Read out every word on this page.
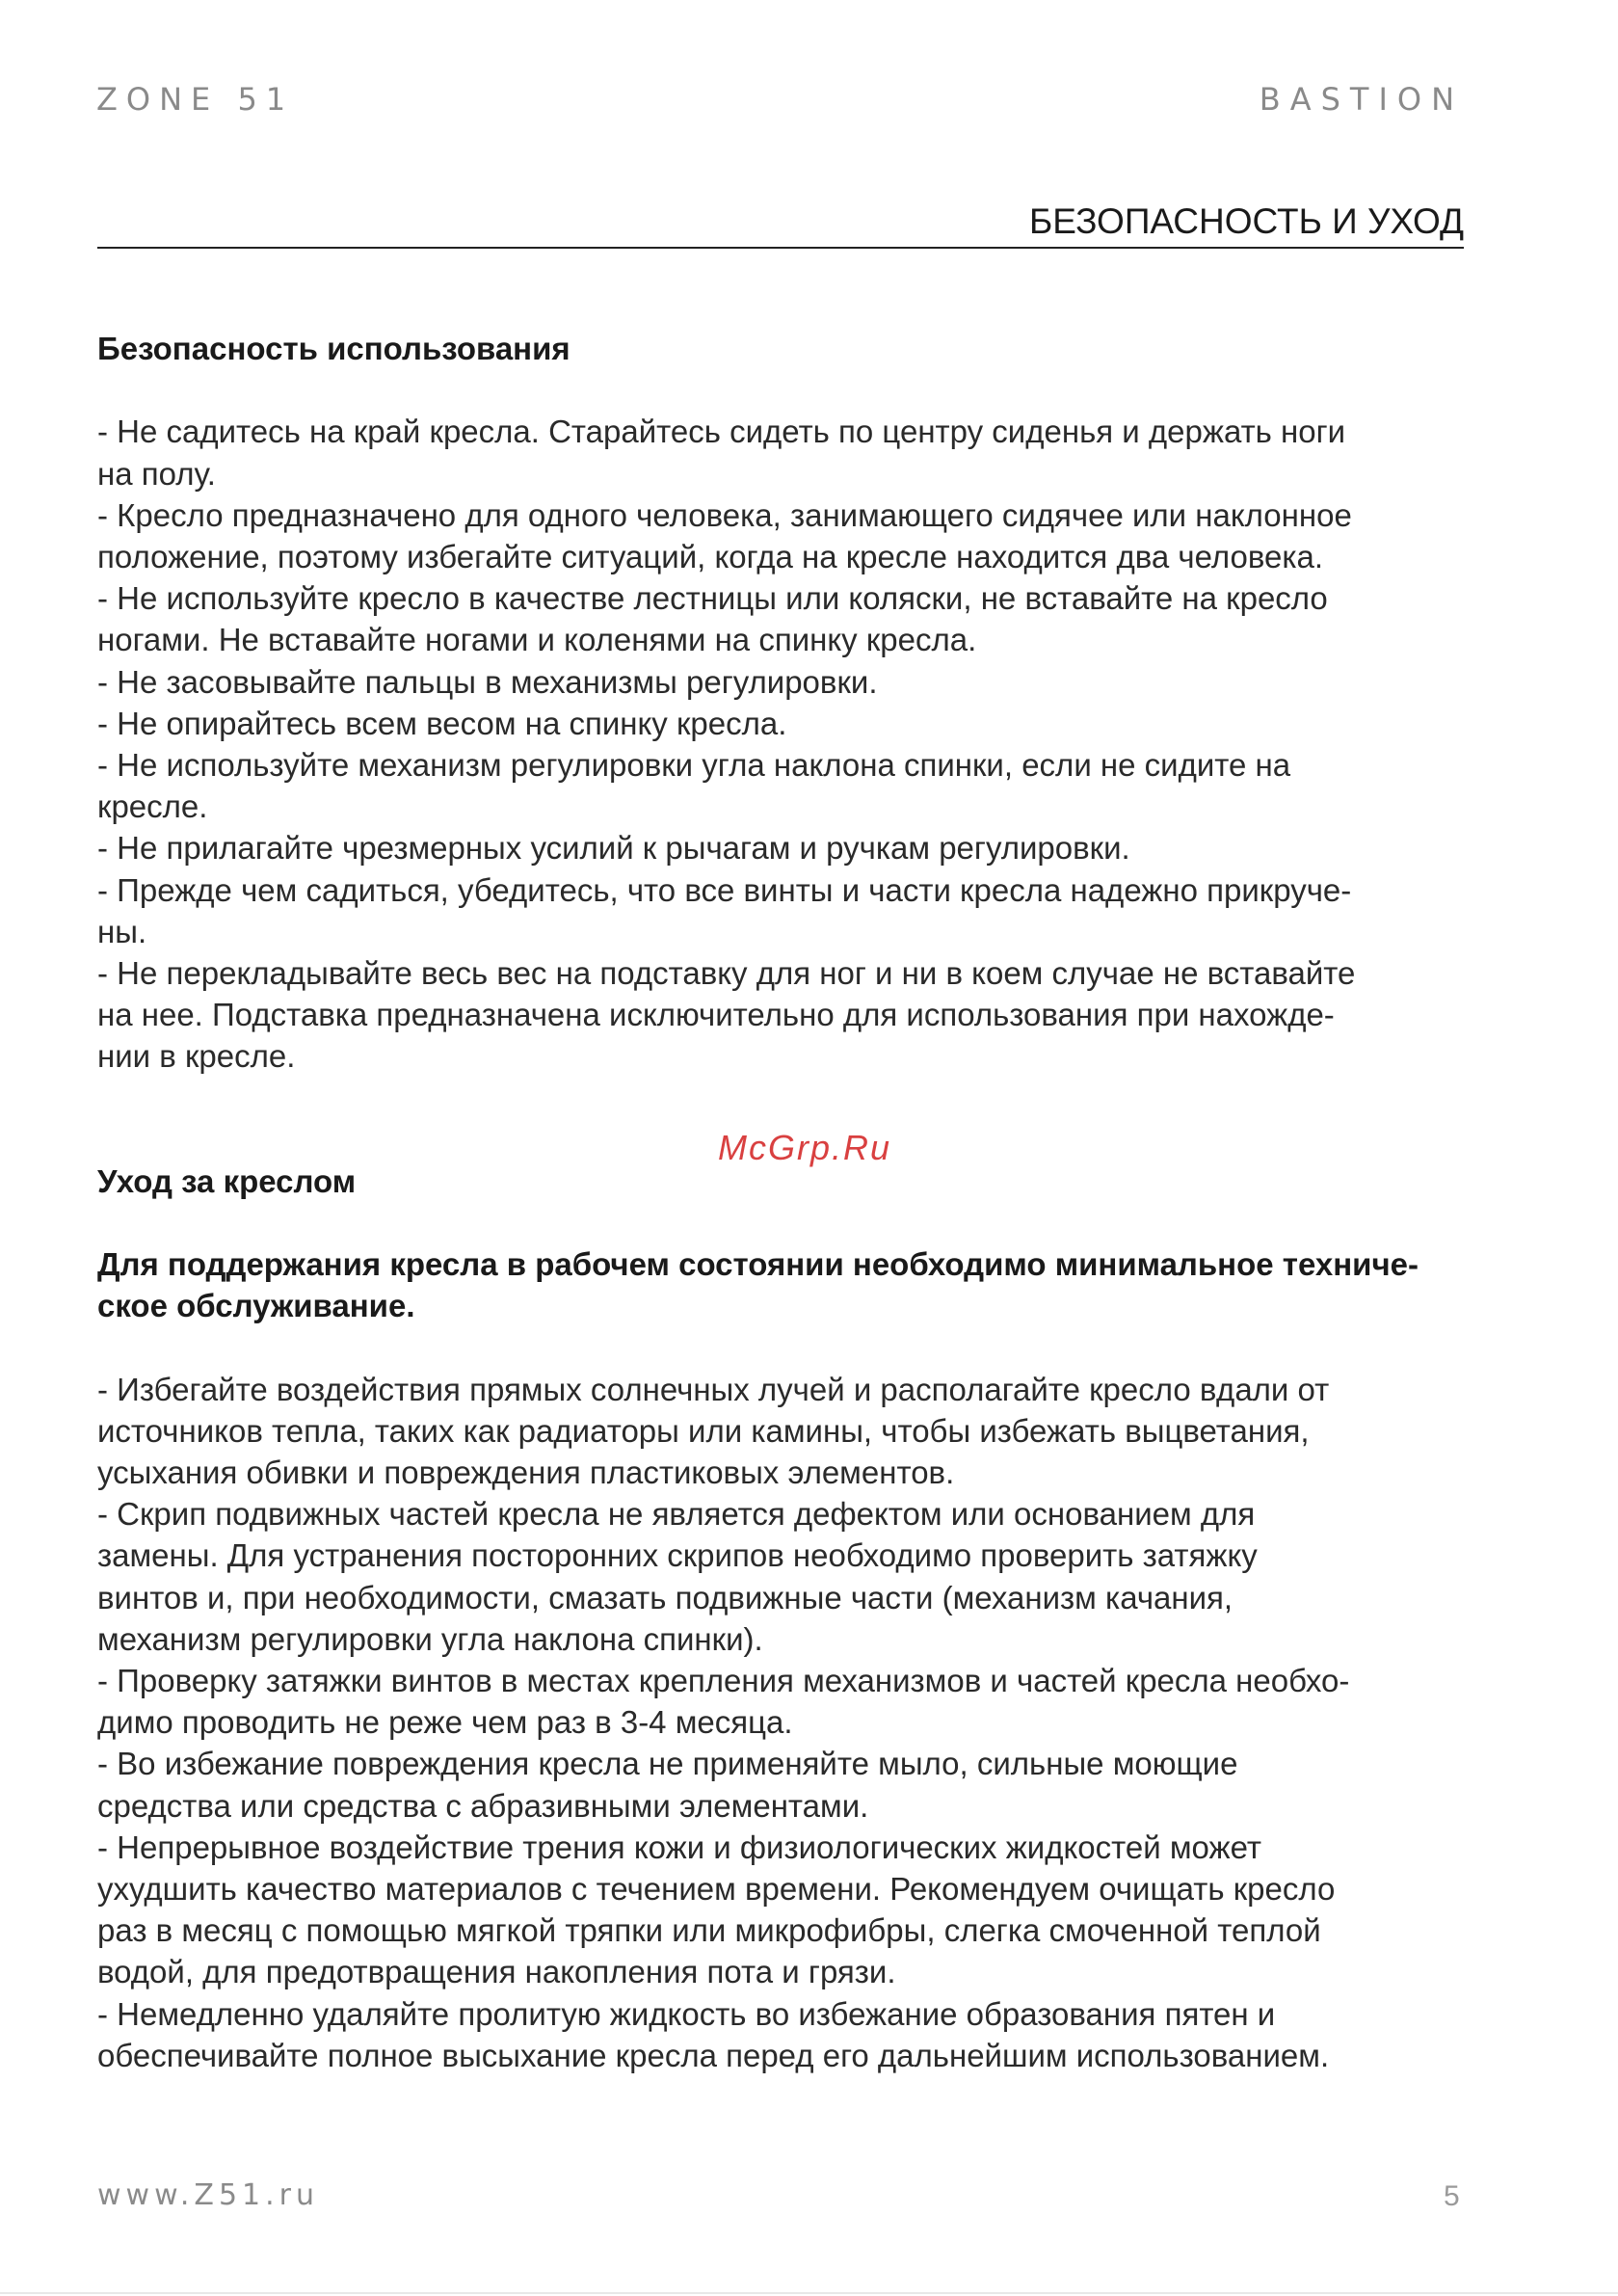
ZONE 51	BASTION
БЕЗОПАСНОСТЬ И УХОД

Безопасность использования

- Не садитесь на край кресла. Старайтесь сидеть по центру сиденья и держать ноги

на полу.

- Кресло предназначено для одного человека, занимающего сидячее или наклонное

положение, поэтому избегайте ситуаций, когда на кресле находится два человека.

- Не используйте кресло в качестве лестницы или коляски, не вставайте на кресло

ногами. Не вставайте ногами и коленями на спинку кресла.

- Не засовывайте пальцы в механизмы регулировки.

- Не опирайтесь всем весом на спинку кресла.

- Не используйте механизм регулировки угла наклона спинки, если не сидите на

кресле.

- Не прилагайте чрезмерных усилий к рычагам и ручкам регулировки.

- Прежде чем садиться, убедитесь, что все винты и части кресла надежно прикруче-

ны.

- Не перекладывайте весь вес на подставку для ног и ни в коем случае не вставайте

на нее. Подставка предназначена исключительно для использования при нахожде-

нии в кресле.

Уход за креслом

Для поддержания кресла в рабочем состоянии необходимо минимальное техниче-

ское обслуживание.

- Избегайте воздействия прямых солнечных лучей и располагайте кресло вдали от

источников тепла, таких как радиаторы или камины, чтобы избежать выцветания,

усыхания обивки и повреждения пластиковых элементов.

- Скрип подвижных частей кресла не является дефектом или основанием для

замены. Для устранения посторонних скрипов необходимо проверить затяжку

винтов и, при необходимости, смазать подвижные части (механизм качания,

механизм регулировки угла наклона спинки).

- Проверку затяжки винтов в местах крепления механизмов и частей кресла необхо-

димо проводить не реже чем раз в 3-4 месяца.

- Во избежание повреждения кресла не применяйте мыло, сильные моющие

средства или средства с абразивными элементами.

- Непрерывное воздействие трения кожи и физиологических жидкостей может

ухудшить качество материалов с течением времени. Рекомендуем очищать кресло

раз в месяц с помощью мягкой тряпки или микрофибры, слегка смоченной теплой

водой, для предотвращения накопления пота и грязи.

- Немедленно удаляйте пролитую жидкость во избежание образования пятен и

обеспечивайте полное высыхание кресла перед его дальнейшим использованием.

McGrp.Ru
www.Z51.ru	5
